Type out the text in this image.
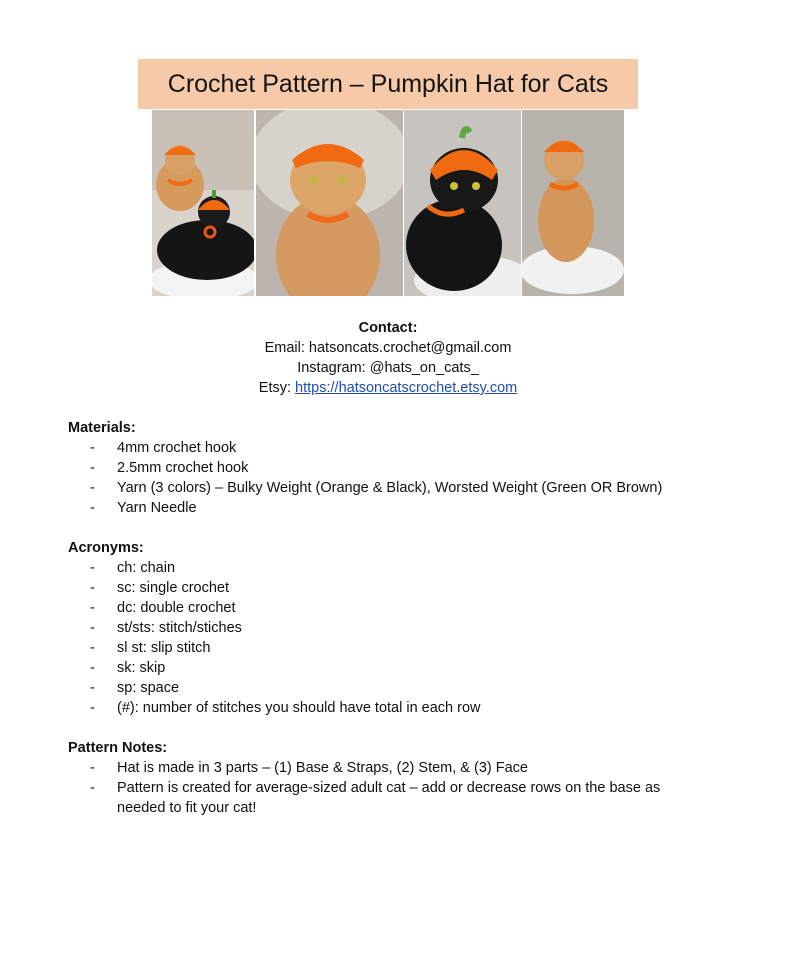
Crochet Pattern – Pumpkin Hat for Cats
Contact:
Email: hatsoncats.crochet@gmail.com
Instagram: @hats_on_cats_
Etsy: https://hatsoncatscrochet.etsy.com
Materials:
- 4mm crochet hook
- 2.5mm crochet hook
- Yarn (3 colors) – Bulky Weight (Orange & Black), Worsted Weight (Green OR Brown)
- Yarn Needle
Acronyms:
- ch: chain
- sc: single crochet
- dc: double crochet
- st/sts: stitch/stiches
- sl st: slip stitch
- sk: skip
- sp: space
- (#): number of stitches you should have total in each row
Pattern Notes:
- Hat is made in 3 parts – (1) Base & Straps, (2) Stem, & (3) Face
- Pattern is created for average-sized adult cat – add or decrease rows on the base as needed to fit your cat!
